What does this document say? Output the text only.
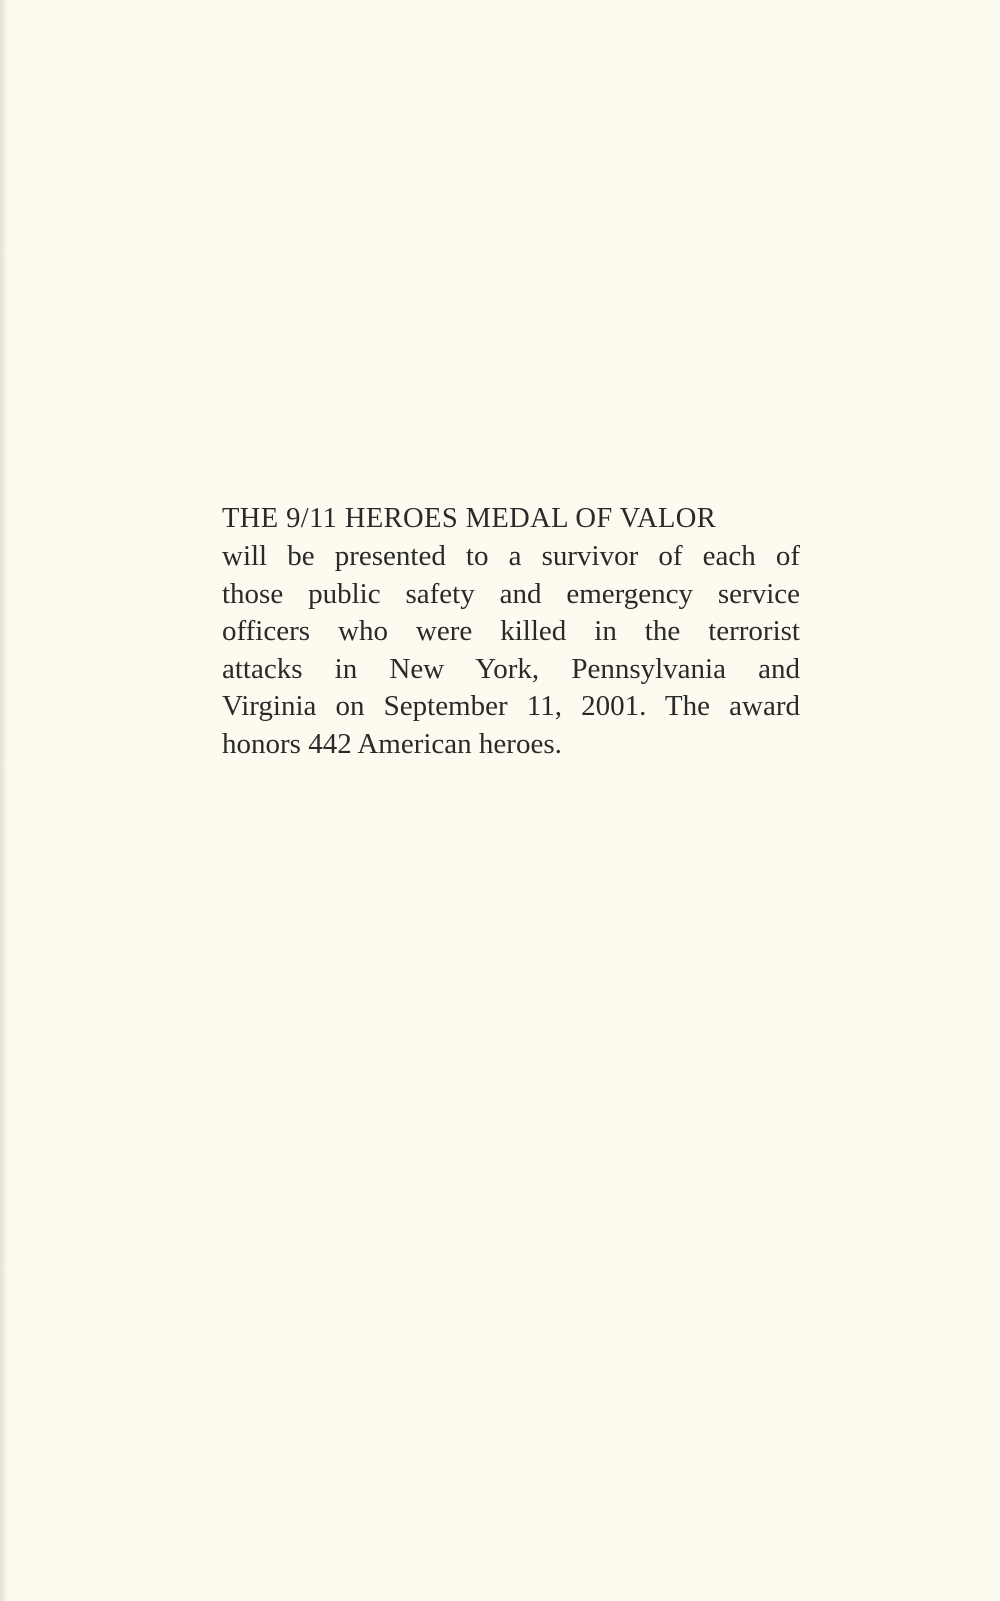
THE 9/11 HEROES MEDAL OF VALOR

will be presented to a survivor of each of
those public safety and emergency service
officers who were killed in the terrorist
attacks in New York, Pennsylvania and
Virginia on September 11, 2001. The award
honors 442 American heroes.
